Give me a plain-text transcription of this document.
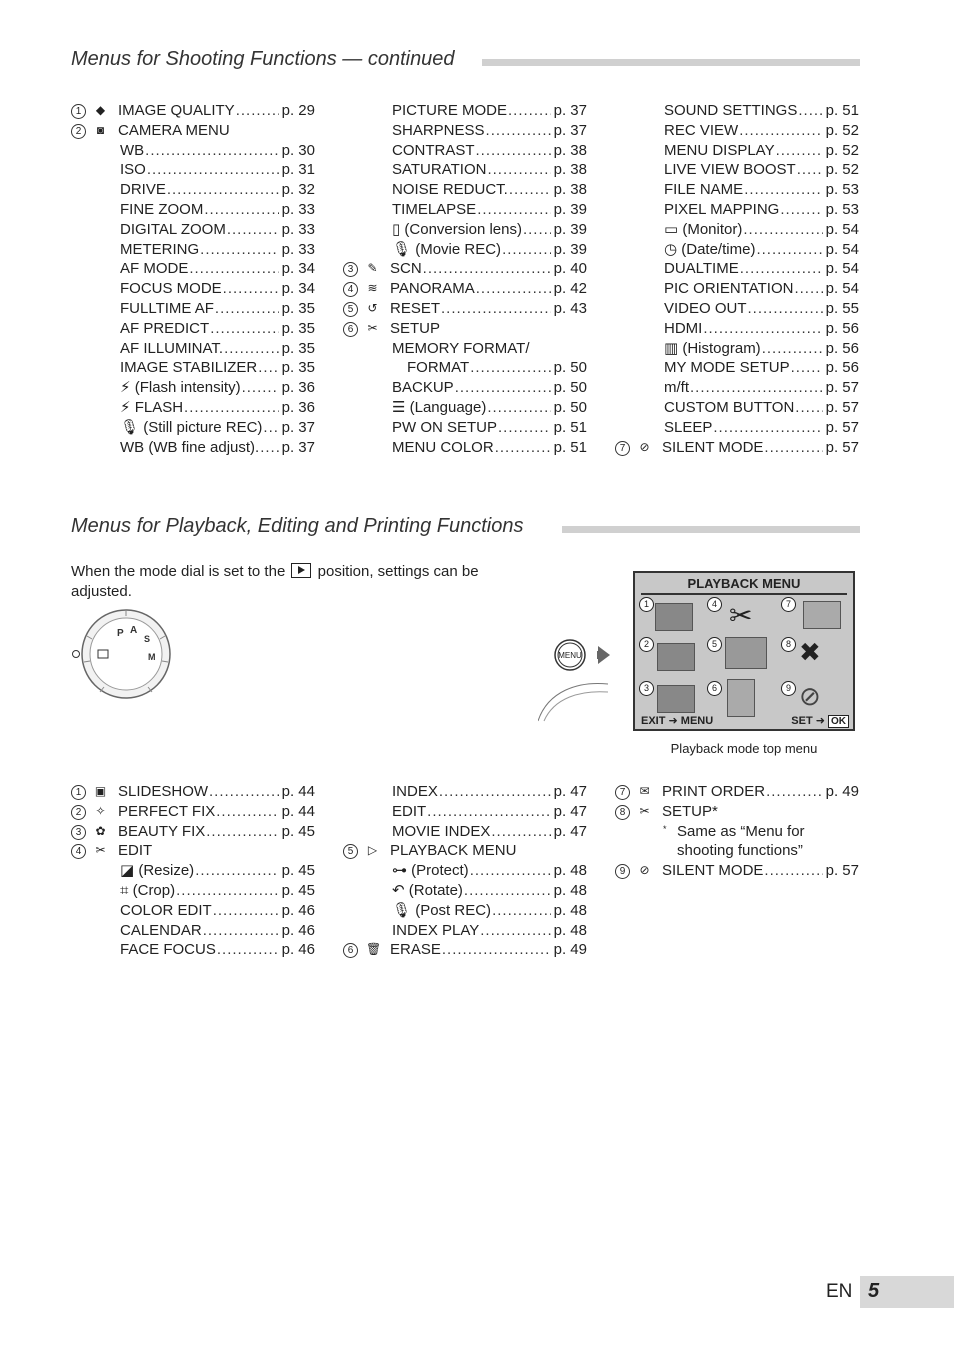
Menus for Shooting Functions — continued
1	◆ IMAGE QUALITY .....	p. 29
2	◙ CAMERA MENU
WB .....	p. 30
ISO .....	p. 31
DRIVE .....	p. 32
FINE ZOOM .....	p. 33
DIGITAL ZOOM .....	p. 33
METERING .....	p. 33
AF MODE .....	p. 34
FOCUS MODE .....	p. 34
FULLTIME AF .....	p. 35
AF PREDICT .....	p. 35
AF ILLUMINAT. .....	p. 35
IMAGE STABILIZER ..... p. 35
⚡ (Flash intensity) .....	p. 36
⚡ FLASH .....	p. 36
🎙 (Still picture REC) ..... p. 37
WB (WB fine adjust). ..... p. 37
PICTURE MODE .....	p. 37
SHARPNESS .....	p. 37
CONTRAST .....	p. 38
SATURATION .....	p. 38
NOISE REDUCT. .....	p. 38
TIMELAPSE .....	p. 39
▯ (Conversion lens) ..... p. 39
🎙 (Movie REC) .....	p. 39
3	✎ SCN .....	p. 40
4	≋ PANORAMA .....	p. 42
5	↺ RESET .....	p. 43
6	✂ SETUP
MEMORY FORMAT/
FORMAT .....	p. 50
BACKUP .....	p. 50
☰ (Language) .....	p. 50
PW ON SETUP .....	p. 51
MENU COLOR .....	p. 51
SOUND SETTINGS ..... p. 51
REC VIEW .....	p. 52
MENU DISPLAY .....	p. 52
LIVE VIEW BOOST ..... p. 52
FILE NAME .....	p. 53
PIXEL MAPPING .....	p. 53
▭ (Monitor) .....	p. 54
◷ (Date/time) .....	p. 54
DUALTIME .....	p. 54
PIC ORIENTATION ..... p. 54
VIDEO OUT .....	p. 55
HDMI .....	p. 56
▥ (Histogram) .....	p. 56
MY MODE SETUP ..... p. 56
m/ft .....	p. 57
CUSTOM BUTTON ..... p. 57
SLEEP .....	p. 57
7	⊘ SILENT MODE .....	p. 57
Menus for Playback, Editing and Printing Functions
When the mode dial is set to the position, settings can be adjusted.
P A
S
M	MENU
PLAYBACK MENU
1	4 ✂	7
2	5	8 ✖
3	6	9 ⊘
EXIT ➜ MENU	SET ➜ OK
Playback mode top menu
1	▣ SLIDESHOW .....	p. 44
2	✧ PERFECT FIX .....	p. 44
3	✿ BEAUTY FIX .....	p. 45
4	✂ EDIT
◪ (Resize) .....	p. 45
⌗ (Crop) .....	p. 45
COLOR EDIT .....	p. 46
CALENDAR .....	p. 46
FACE FOCUS .....	p. 46
INDEX .....	p. 47
EDIT .....	p. 47
MOVIE INDEX .....	p. 47
5	▷ PLAYBACK MENU
⊶ (Protect) .....	p. 48
↶ (Rotate) .....	p. 48
🎙 (Post REC) .....	p. 48
INDEX PLAY .....	p. 48
6	🗑 ERASE .....	p. 49
7	✉ PRINT ORDER .....	p. 49
8	✂ SETUP*
* Same as “Menu for
shooting functions”
9	⊘ SILENT MODE .....	p. 57
EN 5
